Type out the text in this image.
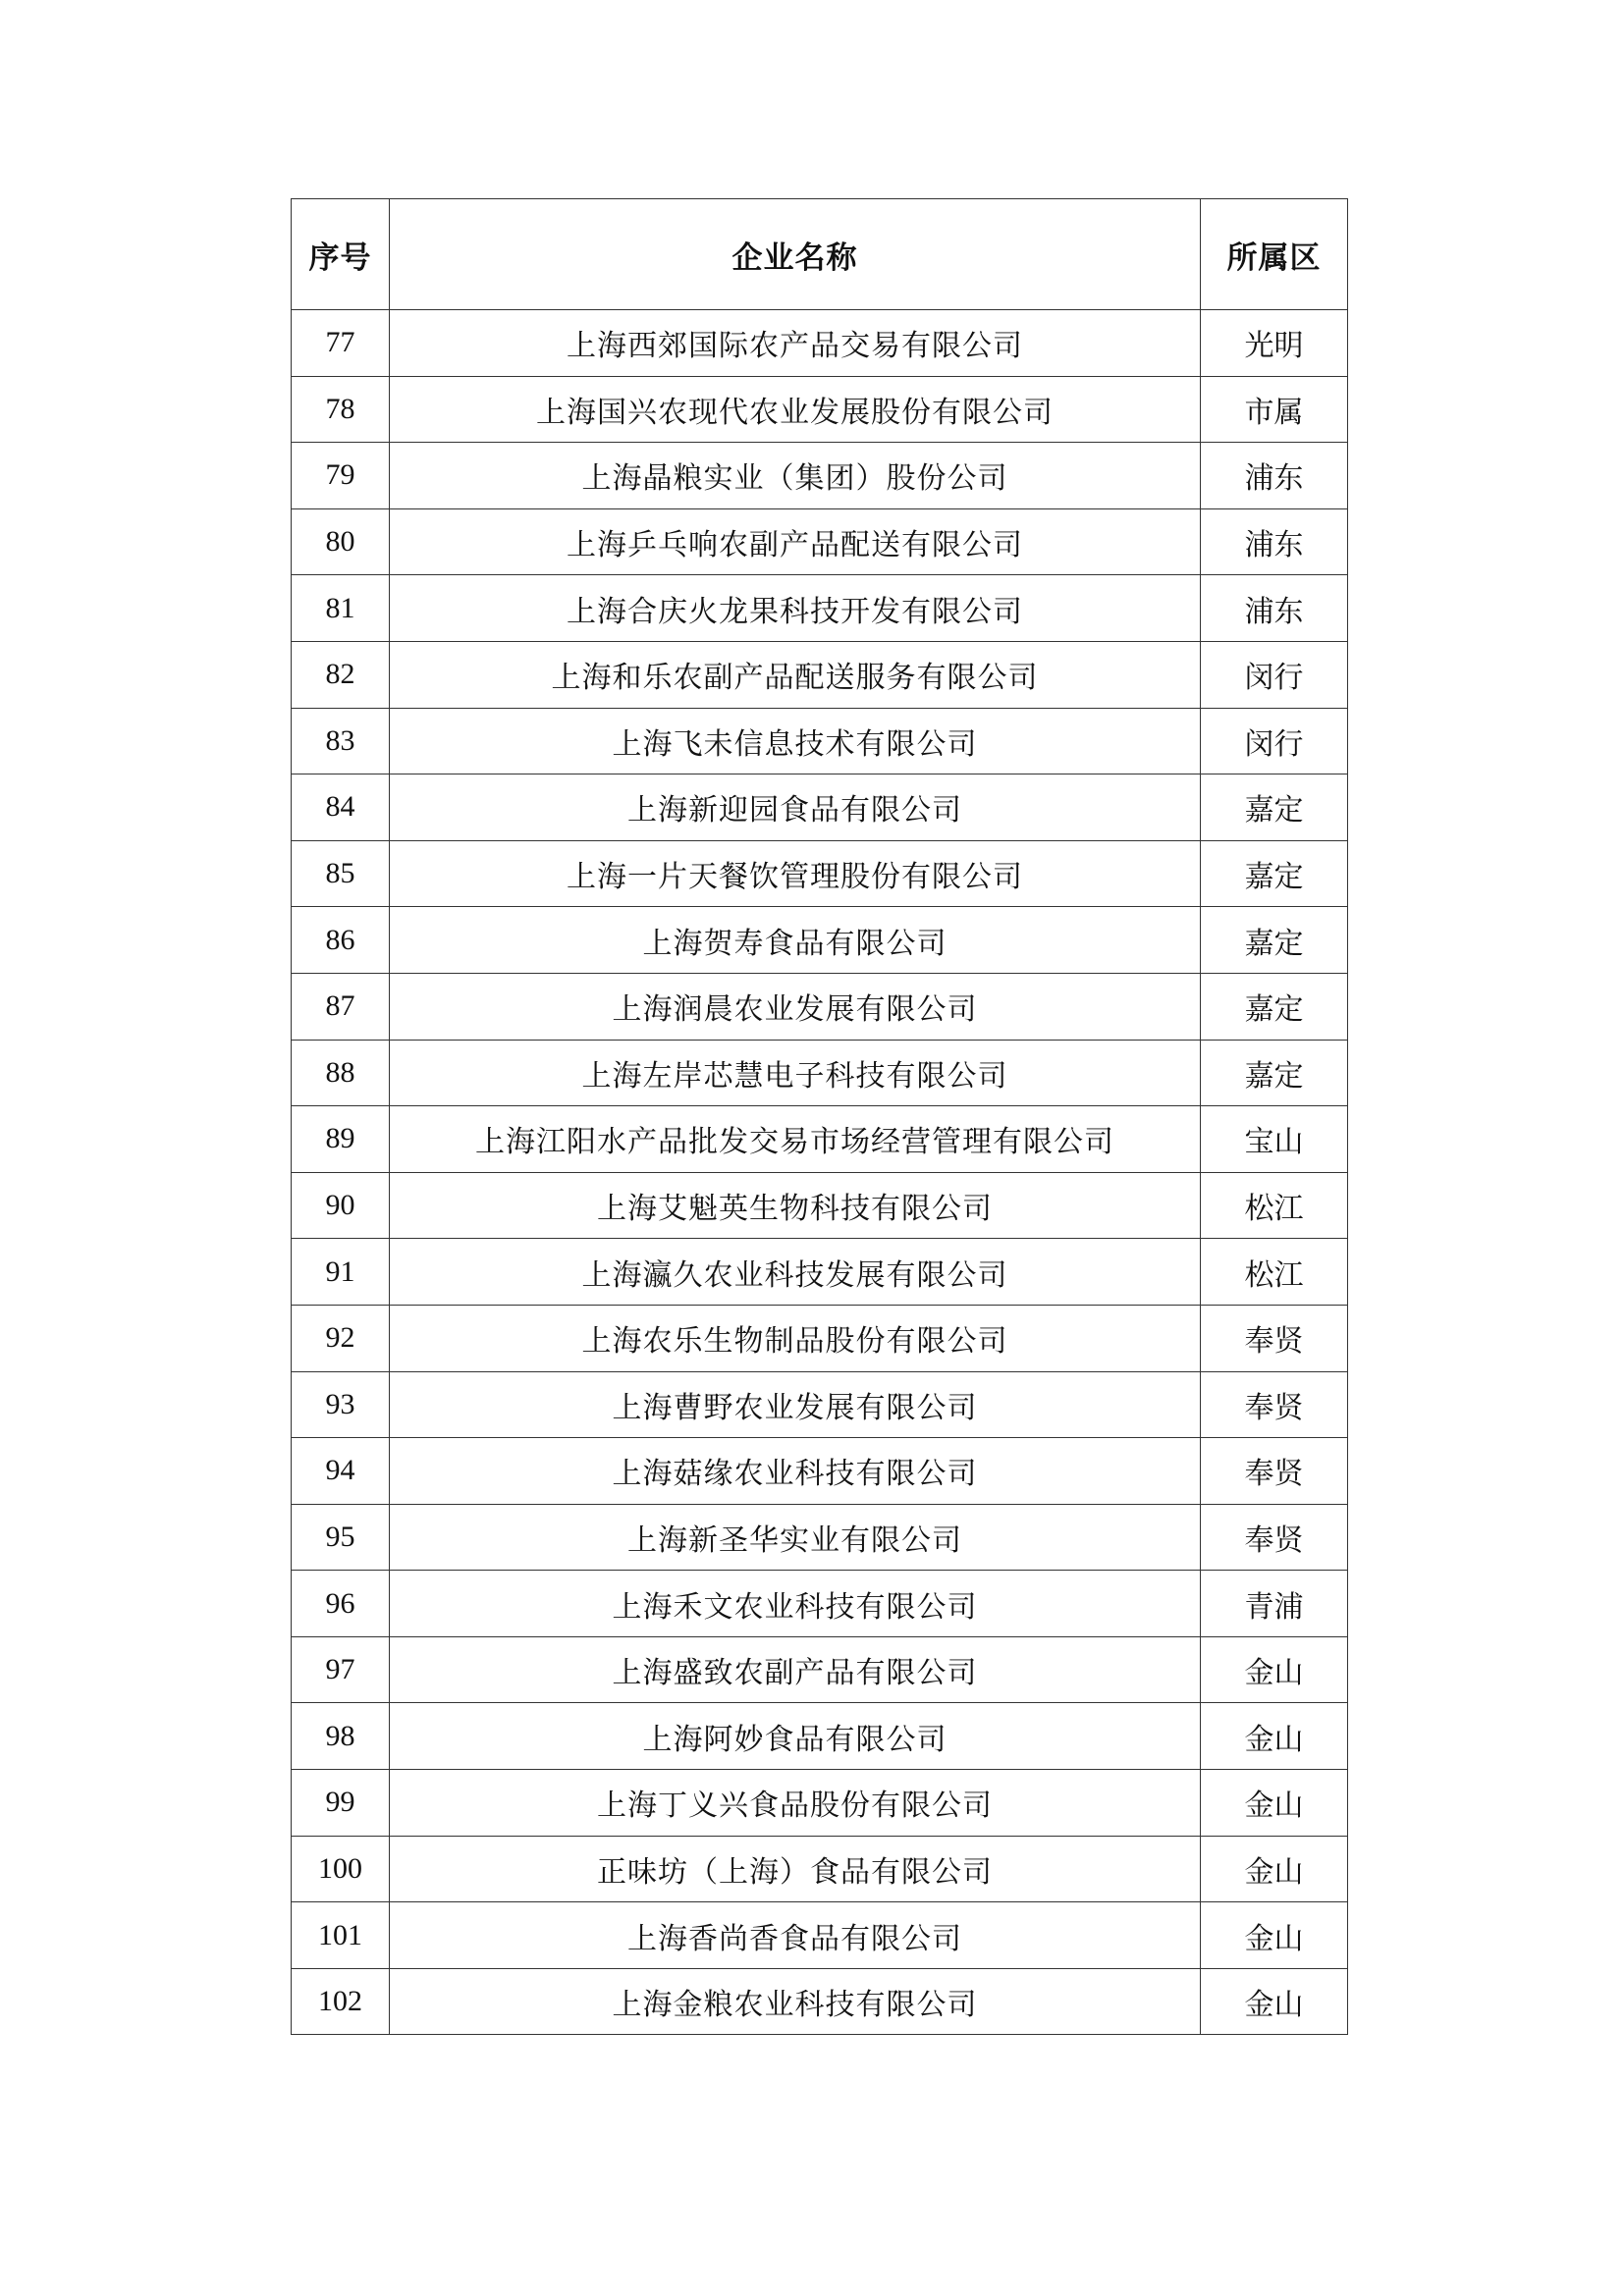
序号	企业名称	所属区
77	上海西郊国际农产品交易有限公司	光明
78	上海国兴农现代农业发展股份有限公司	市属
79	上海晶粮实业（集团）股份公司	浦东
80	上海乒乓响农副产品配送有限公司	浦东
81	上海合庆火龙果科技开发有限公司	浦东
82	上海和乐农副产品配送服务有限公司	闵行
83	上海飞未信息技术有限公司	闵行
84	上海新迎园食品有限公司	嘉定
85	上海一片天餐饮管理股份有限公司	嘉定
86	上海贺寿食品有限公司	嘉定
87	上海润晨农业发展有限公司	嘉定
88	上海左岸芯慧电子科技有限公司	嘉定
89	上海江阳水产品批发交易市场经营管理有限公司	宝山
90	上海艾魁英生物科技有限公司	松江
91	上海瀛久农业科技发展有限公司	松江
92	上海农乐生物制品股份有限公司	奉贤
93	上海曹野农业发展有限公司	奉贤
94	上海菇缘农业科技有限公司	奉贤
95	上海新圣华实业有限公司	奉贤
96	上海禾文农业科技有限公司	青浦
97	上海盛致农副产品有限公司	金山
98	上海阿妙食品有限公司	金山
99	上海丁义兴食品股份有限公司	金山
100	正味坊（上海）食品有限公司	金山
101	上海香尚香食品有限公司	金山
102	上海金粮农业科技有限公司	金山
